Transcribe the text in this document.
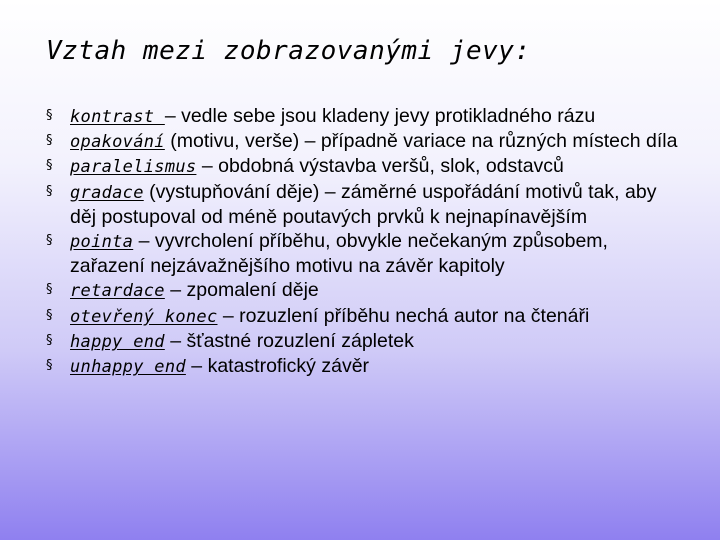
Vztah mezi zobrazovanými jevy:
§ kontrast – vedle sebe jsou kladeny jevy protikladného rázu
§ opakování (motivu, verše) – případně variace na různých místech díla
§ paralelismus – obdobná výstavba veršů, slok, odstavců
§ gradace (vystupňování děje) – záměrné uspořádání motivů tak, aby děj postupoval od méně poutavých prvků k nejnapínavějším
§ pointa – vyvrcholení příběhu, obvykle nečekaným způsobem, zařazení nejzávažnějšího motivu na závěr kapitoly
§ retardace – zpomalení děje
§ otevřený konec – rozuzlení příběhu nechá autor na čtenáři
§ happy end – šťastné rozuzlení zápletek
§ unhappy end – katastrofický závěr
